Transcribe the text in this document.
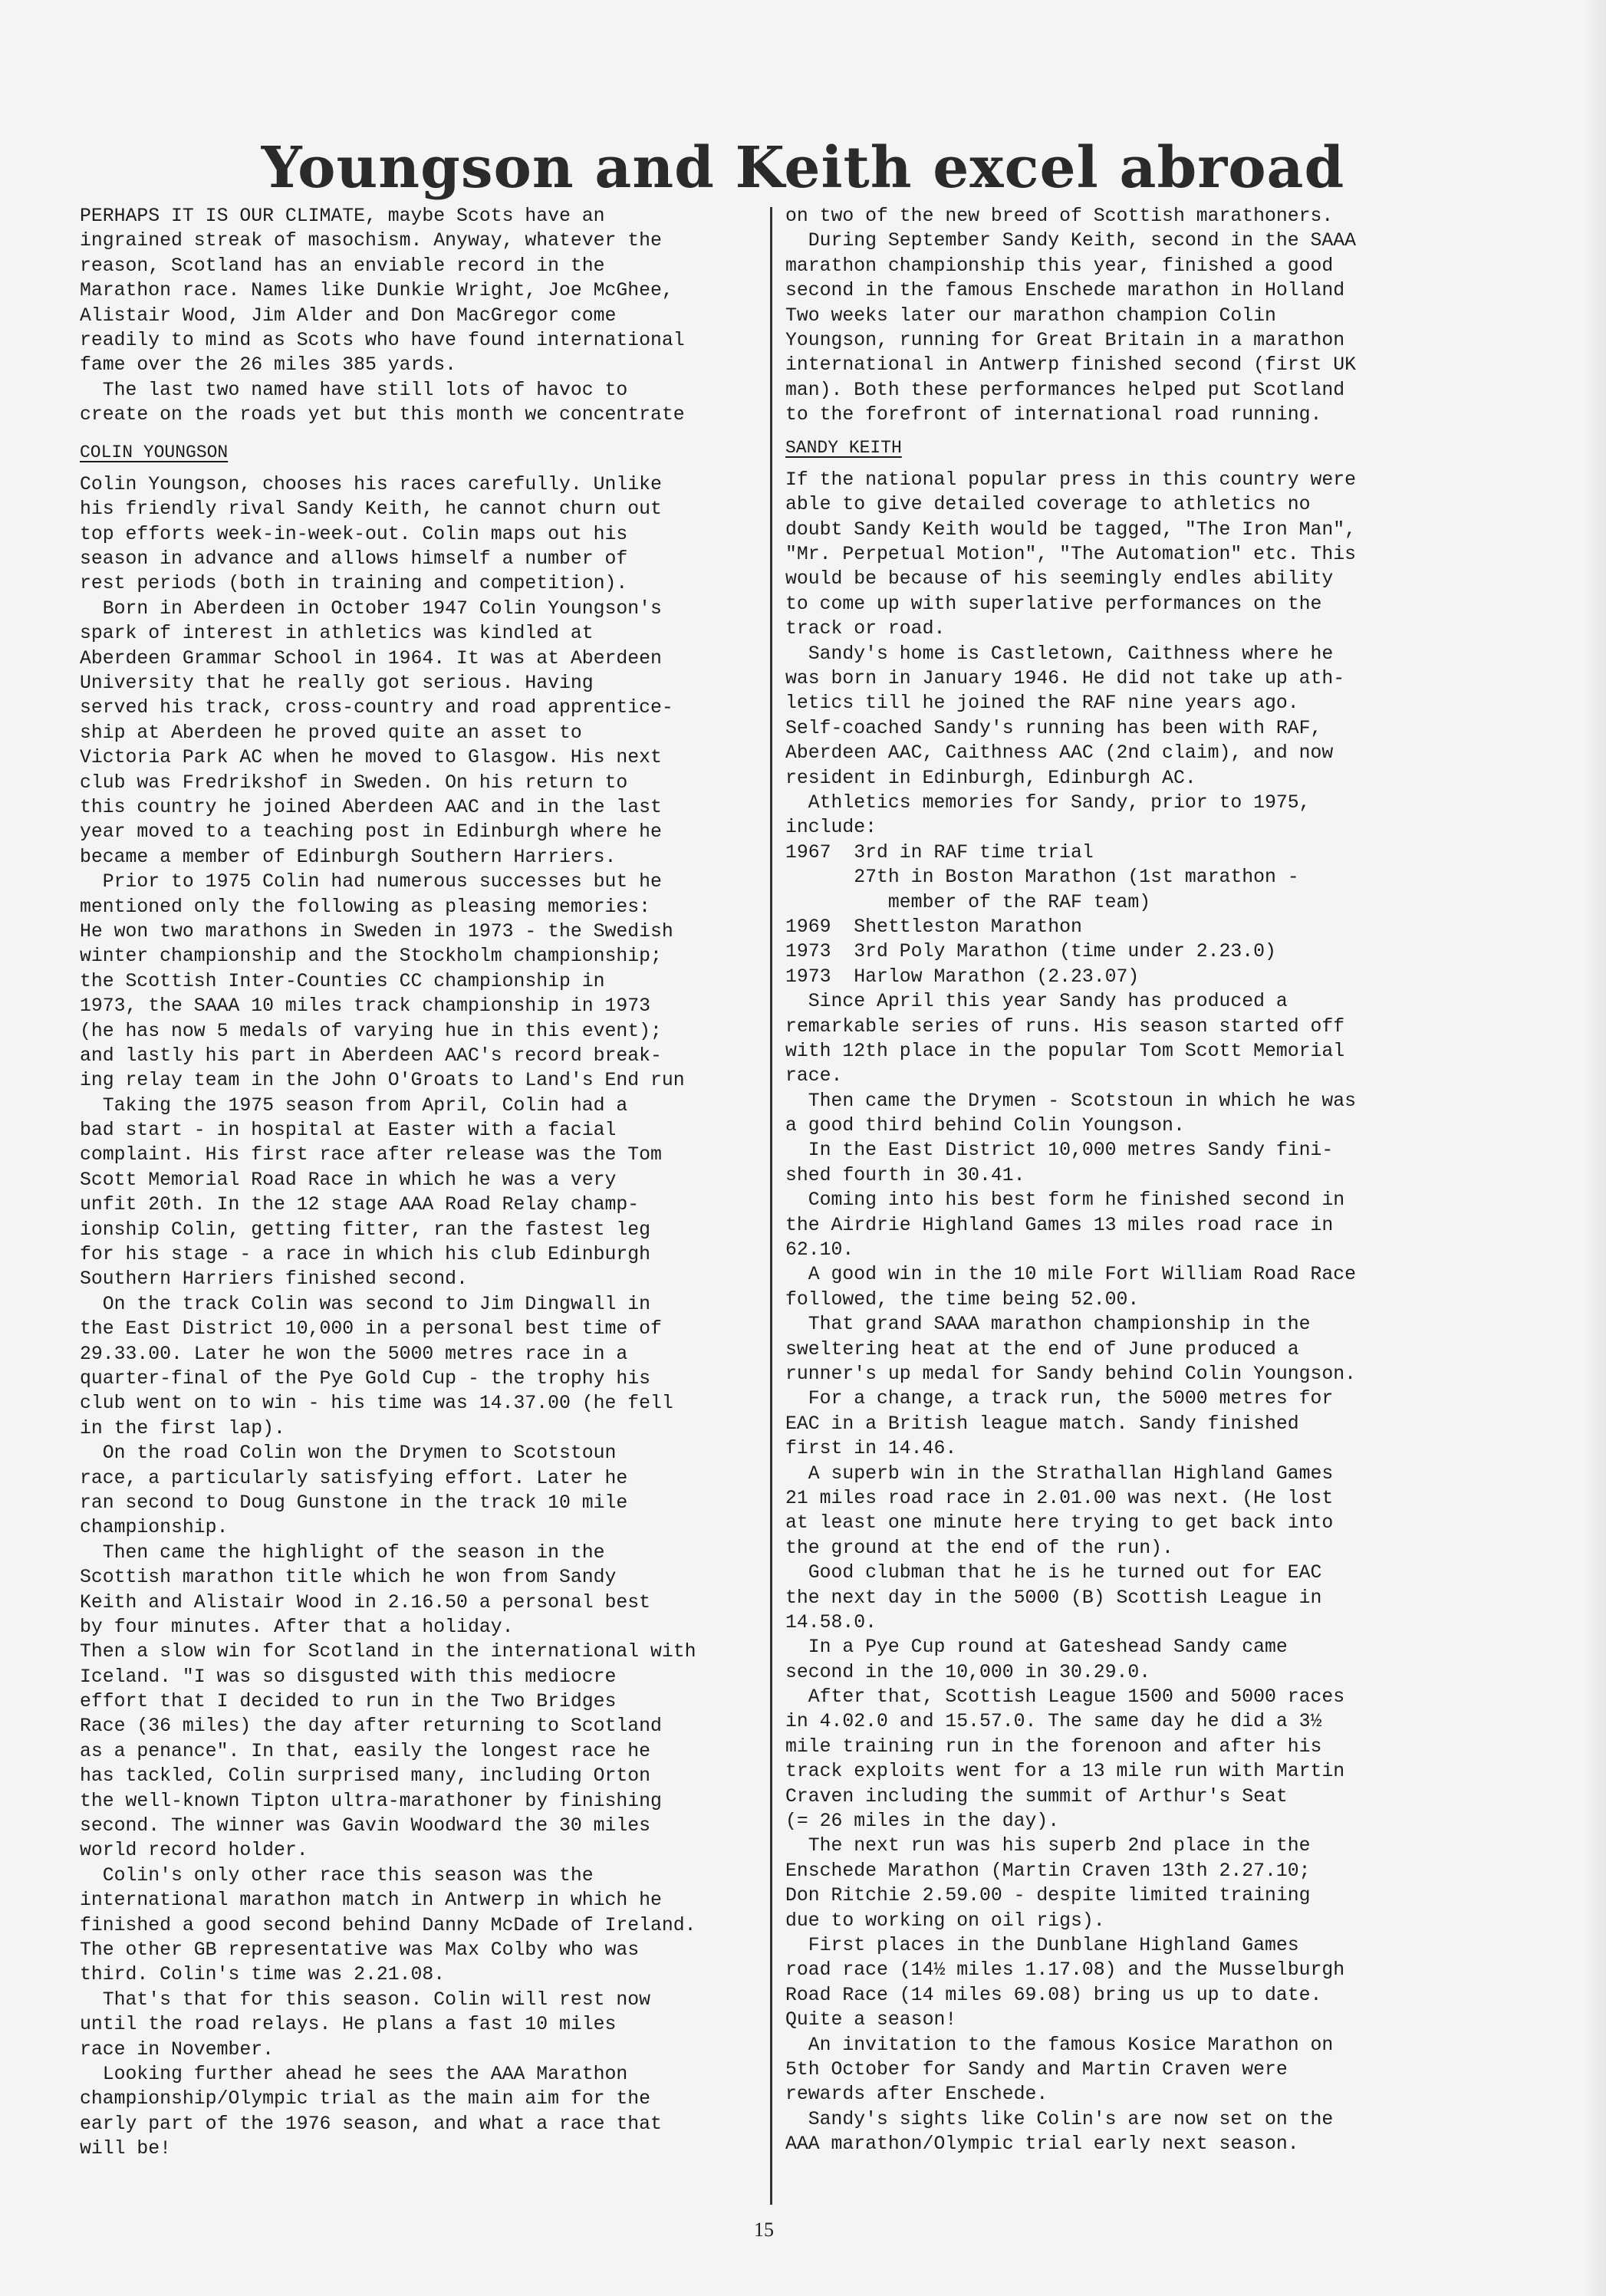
Youngson and Keith excel abroad
PERHAPS IT IS OUR CLIMATE, maybe Scots have an
ingrained streak of masochism. Anyway, whatever the
reason, Scotland has an enviable record in the
Marathon race. Names like Dunkie Wright, Joe McGhee,
Alistair Wood, Jim Alder and Don MacGregor come
readily to mind as Scots who have found international
fame over the 26 miles 385 yards.
The last two named have still lots of havoc to
create on the roads yet but this month we concentrate
COLIN YOUNGSON
Colin Youngson, chooses his races carefully. Unlike
his friendly rival Sandy Keith, he cannot churn out
top efforts week-in-week-out. Colin maps out his
season in advance and allows himself a number of
rest periods (both in training and competition).
Born in Aberdeen in October 1947 Colin Youngson's
spark of interest in athletics was kindled at
Aberdeen Grammar School in 1964. It was at Aberdeen
University that he really got serious. Having
served his track, cross-country and road apprentice-
ship at Aberdeen he proved quite an asset to
Victoria Park AC when he moved to Glasgow. His next
club was Fredrikshof in Sweden. On his return to
this country he joined Aberdeen AAC and in the last
year moved to a teaching post in Edinburgh where he
became a member of Edinburgh Southern Harriers.
Prior to 1975 Colin had numerous successes but he
mentioned only the following as pleasing memories:
He won two marathons in Sweden in 1973 - the Swedish
winter championship and the Stockholm championship;
the Scottish Inter-Counties CC championship in
1973, the SAAA 10 miles track championship in 1973
(he has now 5 medals of varying hue in this event);
and lastly his part in Aberdeen AAC's record break-
ing relay team in the John O'Groats to Land's End run
Taking the 1975 season from April, Colin had a
bad start - in hospital at Easter with a facial
complaint. His first race after release was the Tom
Scott Memorial Road Race in which he was a very
unfit 20th. In the 12 stage AAA Road Relay champ-
ionship Colin, getting fitter, ran the fastest leg
for his stage - a race in which his club Edinburgh
Southern Harriers finished second.
On the track Colin was second to Jim Dingwall in
the East District 10,000 in a personal best time of
29.33.00. Later he won the 5000 metres race in a
quarter-final of the Pye Gold Cup - the trophy his
club went on to win - his time was 14.37.00 (he fell
in the first lap).
On the road Colin won the Drymen to Scotstoun
race, a particularly satisfying effort. Later he
ran second to Doug Gunstone in the track 10 mile
championship.
Then came the highlight of the season in the
Scottish marathon title which he won from Sandy
Keith and Alistair Wood in 2.16.50 a personal best
by four minutes. After that a holiday.
Then a slow win for Scotland in the international with
Iceland. "I was so disgusted with this mediocre
effort that I decided to run in the Two Bridges
Race (36 miles) the day after returning to Scotland
as a penance". In that, easily the longest race he
has tackled, Colin surprised many, including Orton
the well-known Tipton ultra-marathoner by finishing
second. The winner was Gavin Woodward the 30 miles
world record holder.
Colin's only other race this season was the
international marathon match in Antwerp in which he
finished a good second behind Danny McDade of Ireland.
The other GB representative was Max Colby who was
third. Colin's time was 2.21.08.
That's that for this season. Colin will rest now
until the road relays. He plans a fast 10 miles
race in November.
Looking further ahead he sees the AAA Marathon
championship/Olympic trial as the main aim for the
early part of the 1976 season, and what a race that
will be!
on two of the new breed of Scottish marathoners.
During September Sandy Keith, second in the SAAA
marathon championship this year, finished a good
second in the famous Enschede marathon in Holland
Two weeks later our marathon champion Colin
Youngson, running for Great Britain in a marathon
international in Antwerp finished second (first UK
man). Both these performances helped put Scotland
to the forefront of international road running.
SANDY KEITH
If the national popular press in this country were
able to give detailed coverage to athletics no
doubt Sandy Keith would be tagged, "The Iron Man",
"Mr. Perpetual Motion", "The Automation" etc. This
would be because of his seemingly endles ability
to come up with superlative performances on the
track or road.
Sandy's home is Castletown, Caithness where he
was born in January 1946. He did not take up ath-
letics till he joined the RAF nine years ago.
Self-coached Sandy's running has been with RAF,
Aberdeen AAC, Caithness AAC (2nd claim), and now
resident in Edinburgh, Edinburgh AC.
Athletics memories for Sandy, prior to 1975,
include:
1967  3rd in RAF time trial
27th in Boston Marathon (1st marathon -
member of the RAF team)
1969  Shettleston Marathon
1973  3rd Poly Marathon (time under 2.23.0)
1973  Harlow Marathon (2.23.07)
Since April this year Sandy has produced a
remarkable series of runs. His season started off
with 12th place in the popular Tom Scott Memorial
race.
Then came the Drymen - Scotstoun in which he was
a good third behind Colin Youngson.
In the East District 10,000 metres Sandy fini-
shed fourth in 30.41.
Coming into his best form he finished second in
the Airdrie Highland Games 13 miles road race in
62.10.
A good win in the 10 mile Fort William Road Race
followed, the time being 52.00.
That grand SAAA marathon championship in the
sweltering heat at the end of June produced a
runner's up medal for Sandy behind Colin Youngson.
For a change, a track run, the 5000 metres for
EAC in a British league match. Sandy finished
first in 14.46.
A superb win in the Strathallan Highland Games
21 miles road race in 2.01.00 was next. (He lost
at least one minute here trying to get back into
the ground at the end of the run).
Good clubman that he is he turned out for EAC
the next day in the 5000 (B) Scottish League in
14.58.0.
In a Pye Cup round at Gateshead Sandy came
second in the 10,000 in 30.29.0.
After that, Scottish League 1500 and 5000 races
in 4.02.0 and 15.57.0. The same day he did a 3½
mile training run in the forenoon and after his
track exploits went for a 13 mile run with Martin
Craven including the summit of Arthur's Seat
(= 26 miles in the day).
The next run was his superb 2nd place in the
Enschede Marathon (Martin Craven 13th 2.27.10;
Don Ritchie 2.59.00 - despite limited training
due to working on oil rigs).
First places in the Dunblane Highland Games
road race (14½ miles 1.17.08) and the Musselburgh
Road Race (14 miles 69.08) bring us up to date.
Quite a season!
An invitation to the famous Kosice Marathon on
5th October for Sandy and Martin Craven were
rewards after Enschede.
Sandy's sights like Colin's are now set on the
AAA marathon/Olympic trial early next season.
15
